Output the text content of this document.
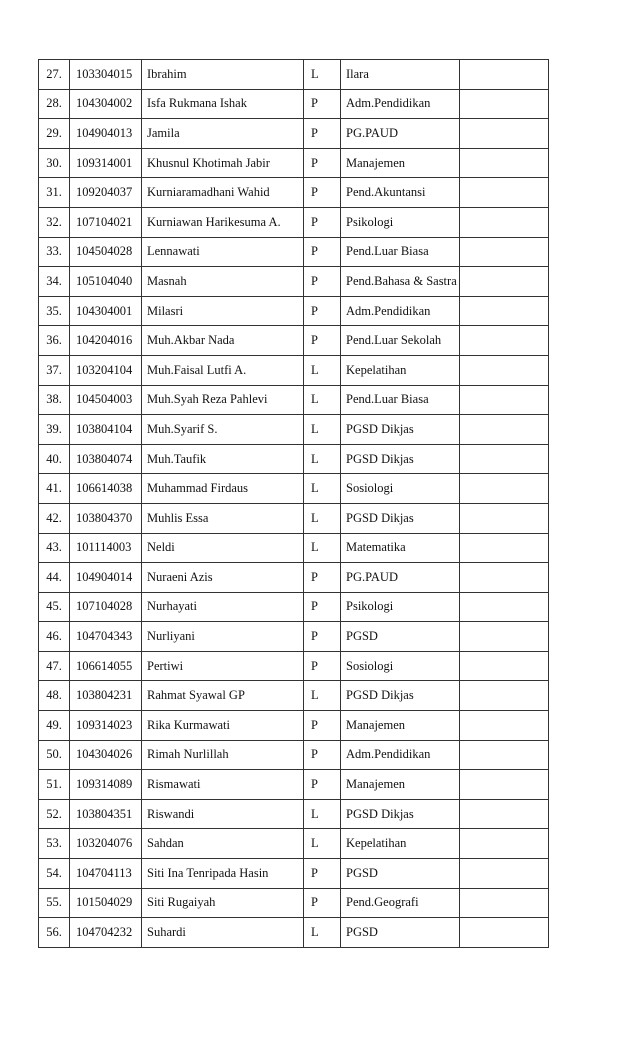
27.	103304015	Ibrahim	L	Ilara	
28.	104304002	Isfa Rukmana Ishak	P	Adm.Pendidikan	
29.	104904013	Jamila	P	PG.PAUD	
30.	109314001	Khusnul Khotimah Jabir	P	Manajemen	
31.	109204037	Kurniaramadhani Wahid	P	Pend.Akuntansi	
32.	107104021	Kurniawan Harikesuma A.	P	Psikologi	
33.	104504028	Lennawati	P	Pend.Luar Biasa	
34.	105104040	Masnah	P	Pend.Bahasa & Sastra	
35.	104304001	Milasri	P	Adm.Pendidikan	
36.	104204016	Muh.Akbar Nada	P	Pend.Luar Sekolah	
37.	103204104	Muh.Faisal Lutfi A.	L	Kepelatihan	
38.	104504003	Muh.Syah Reza Pahlevi	L	Pend.Luar Biasa	
39.	103804104	Muh.Syarif S.	L	PGSD Dikjas	
40.	103804074	Muh.Taufik	L	PGSD Dikjas	
41.	106614038	Muhammad Firdaus	L	Sosiologi	
42.	103804370	Muhlis Essa	L	PGSD Dikjas	
43.	101114003	Neldi	L	Matematika	
44.	104904014	Nuraeni Azis	P	PG.PAUD	
45.	107104028	Nurhayati	P	Psikologi	
46.	104704343	Nurliyani	P	PGSD	
47.	106614055	Pertiwi	P	Sosiologi	
48.	103804231	Rahmat Syawal GP	L	PGSD Dikjas	
49.	109314023	Rika Kurmawati	P	Manajemen	
50.	104304026	Rimah Nurlillah	P	Adm.Pendidikan	
51.	109314089	Rismawati	P	Manajemen	
52.	103804351	Riswandi	L	PGSD Dikjas	
53.	103204076	Sahdan	L	Kepelatihan	
54.	104704113	Siti Ina Tenripada Hasin	P	PGSD	
55.	101504029	Siti Rugaiyah	P	Pend.Geografi	
56.	104704232	Suhardi	L	PGSD	
